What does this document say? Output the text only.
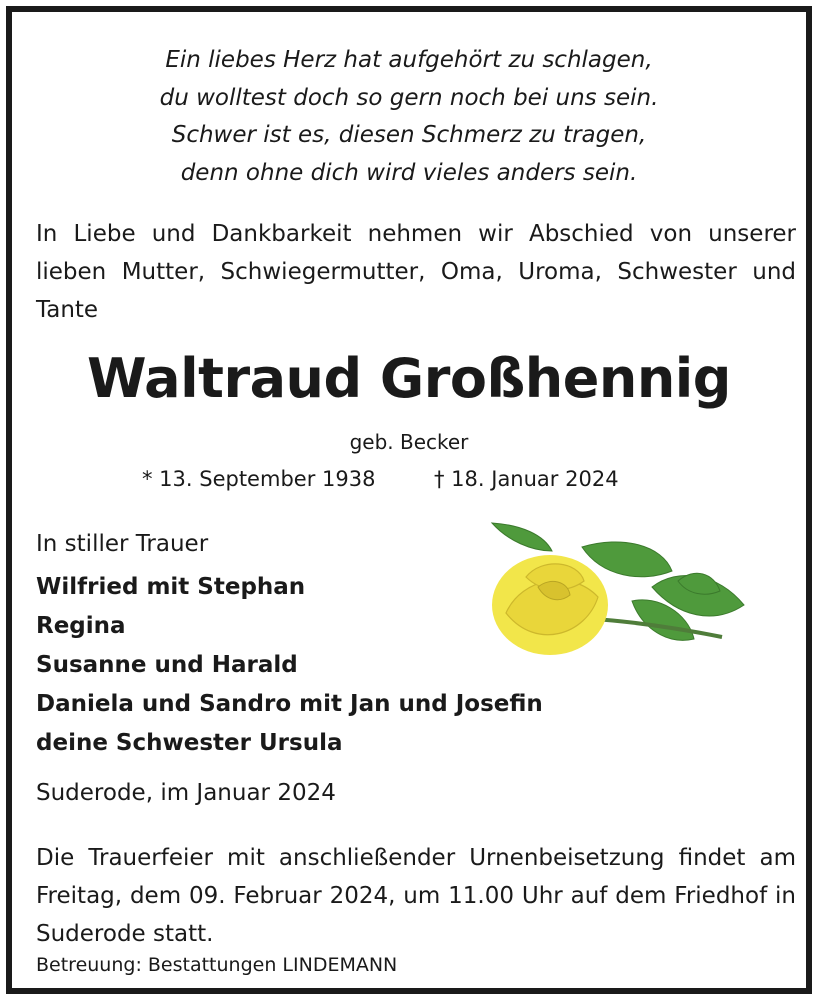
Ein liebes Herz hat aufgehört zu schlagen,
du wolltest doch so gern noch bei uns sein.
Schwer ist es, diesen Schmerz zu tragen,
denn ohne dich wird vieles anders sein.
In Liebe und Dankbarkeit nehmen wir Abschied von unserer lieben Mutter, Schwiegermutter, Oma, Uroma, Schwester und Tante
Waltraud Großhennig
geb. Becker
* 13. September 1938	† 18. Januar 2024
In stiller Trauer
Wilfried mit Stephan
Regina
Susanne und Harald
Daniela und Sandro mit Jan und Josefin
deine Schwester Ursula
Suderode, im Januar 2024
Die Trauerfeier mit anschließender Urnenbeisetzung findet am Freitag, dem 09. Februar 2024, um 11.00 Uhr auf dem Friedhof in Suderode statt.
Betreuung: Bestattungen LINDEMANN
